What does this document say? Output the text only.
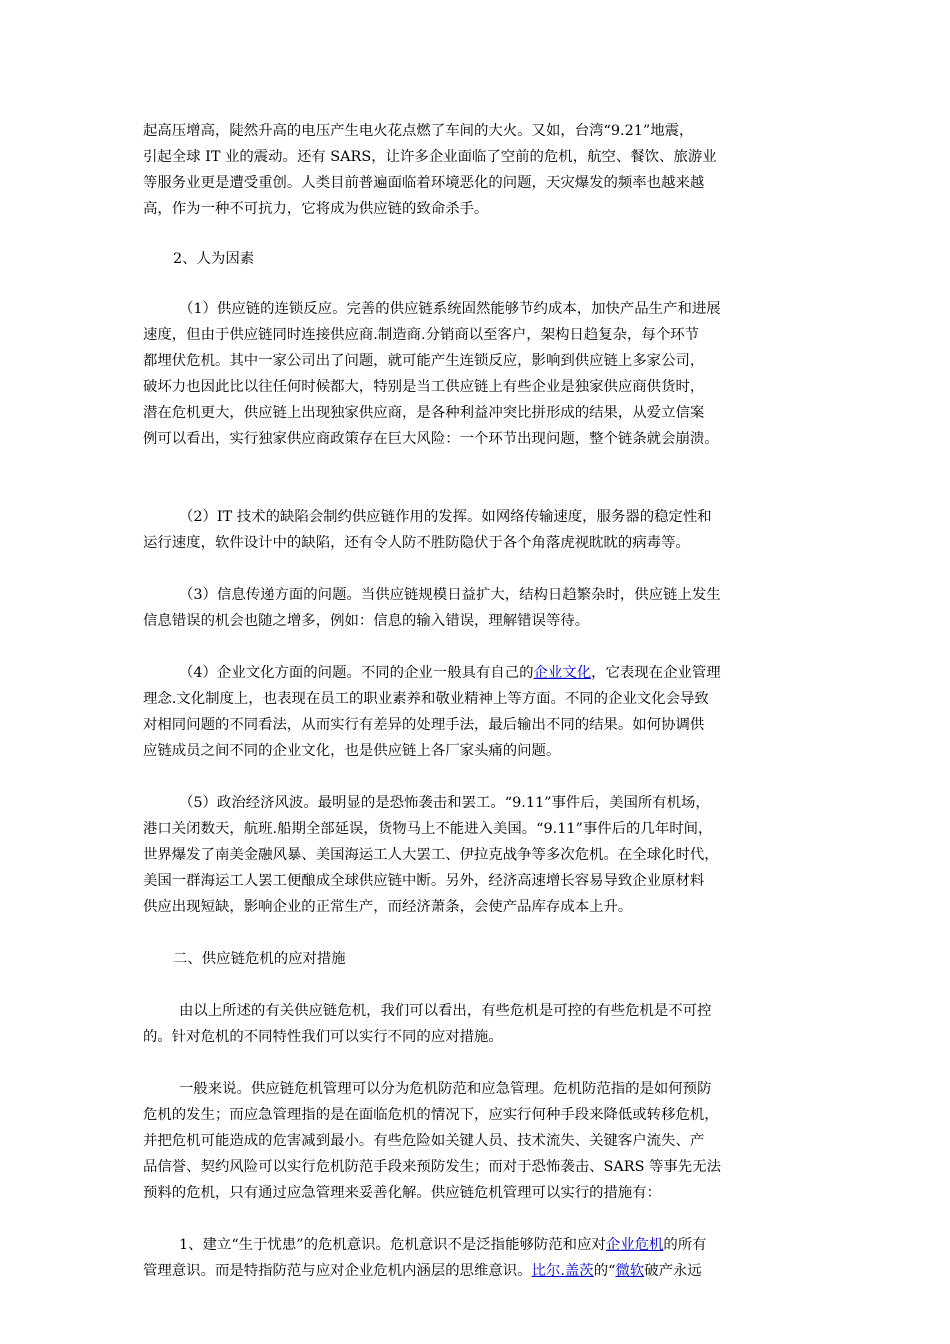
起高压增高，陡然升高的电压产生电火花点燃了车间的大火。又如，台湾“9.21”地震，
引起全球 IT 业的震动。还有 SARS，让许多企业面临了空前的危机，航空、餐饮、旅游业
等服务业更是遭受重创。人类目前普遍面临着环境恶化的问题，天灾爆发的频率也越来越
高，作为一种不可抗力，它将成为供应链的致命杀手。
2、人为因素
（1）供应链的连锁反应。完善的供应链系统固然能够节约成本，加快产品生产和进展
速度，但由于供应链同时连接供应商.制造商.分销商以至客户，架构日趋复杂，每个环节
都埋伏危机。其中一家公司出了问题，就可能产生连锁反应，影响到供应链上多家公司，
破坏力也因此比以往任何时候都大，特别是当工供应链上有些企业是独家供应商供货时，
潜在危机更大，供应链上出现独家供应商，是各种利益冲突比拼形成的结果，从爱立信案
例可以看出，实行独家供应商政策存在巨大风险：一个环节出现问题，整个链条就会崩溃。
（2）IT 技术的缺陷会制约供应链作用的发挥。如网络传输速度，服务器的稳定性和
运行速度，软件设计中的缺陷，还有令人防不胜防隐伏于各个角落虎视眈眈的病毒等。
（3）信息传递方面的问题。当供应链规模日益扩大，结构日趋繁杂时，供应链上发生
信息错误的机会也随之增多，例如：信息的输入错误，理解错误等待。
（4）企业文化方面的问题。不同的企业一般具有自己的企业文化，它表现在企业管理
理念.文化制度上，也表现在员工的职业素养和敬业精神上等方面。不同的企业文化会导致
对相同问题的不同看法，从而实行有差异的处理手法，最后输出不同的结果。如何协调供
应链成员之间不同的企业文化，也是供应链上各厂家头痛的问题。
（5）政治经济风波。最明显的是恐怖袭击和罢工。“9.11”事件后，美国所有机场，
港口关闭数天，航班.船期全部延误，货物马上不能进入美国。“9.11”事件后的几年时间，
世界爆发了南美金融风暴、美国海运工人大罢工、伊拉克战争等多次危机。在全球化时代，
美国一群海运工人罢工便酿成全球供应链中断。另外，经济高速增长容易导致企业原材料
供应出现短缺，影响企业的正常生产，而经济萧条，会使产品库存成本上升。
二、供应链危机的应对措施
由以上所述的有关供应链危机，我们可以看出，有些危机是可控的有些危机是不可控
的。针对危机的不同特性我们可以实行不同的应对措施。
一般来说。供应链危机管理可以分为危机防范和应急管理。危机防范指的是如何预防
危机的发生；而应急管理指的是在面临危机的情况下，应实行何种手段来降低或转移危机，
并把危机可能造成的危害减到最小。有些危险如关键人员、技术流失、关键客户流失、产
品信誉、契约风险可以实行危机防范手段来预防发生；而对于恐怖袭击、SARS 等事先无法
预料的危机，只有通过应急管理来妥善化解。供应链危机管理可以实行的措施有：
1、建立“生于忧患”的危机意识。危机意识不是泛指能够防范和应对企业危机的所有
管理意识。而是特指防范与应对企业危机内涵层的思维意识。比尔.盖茨的“微软破产永远
